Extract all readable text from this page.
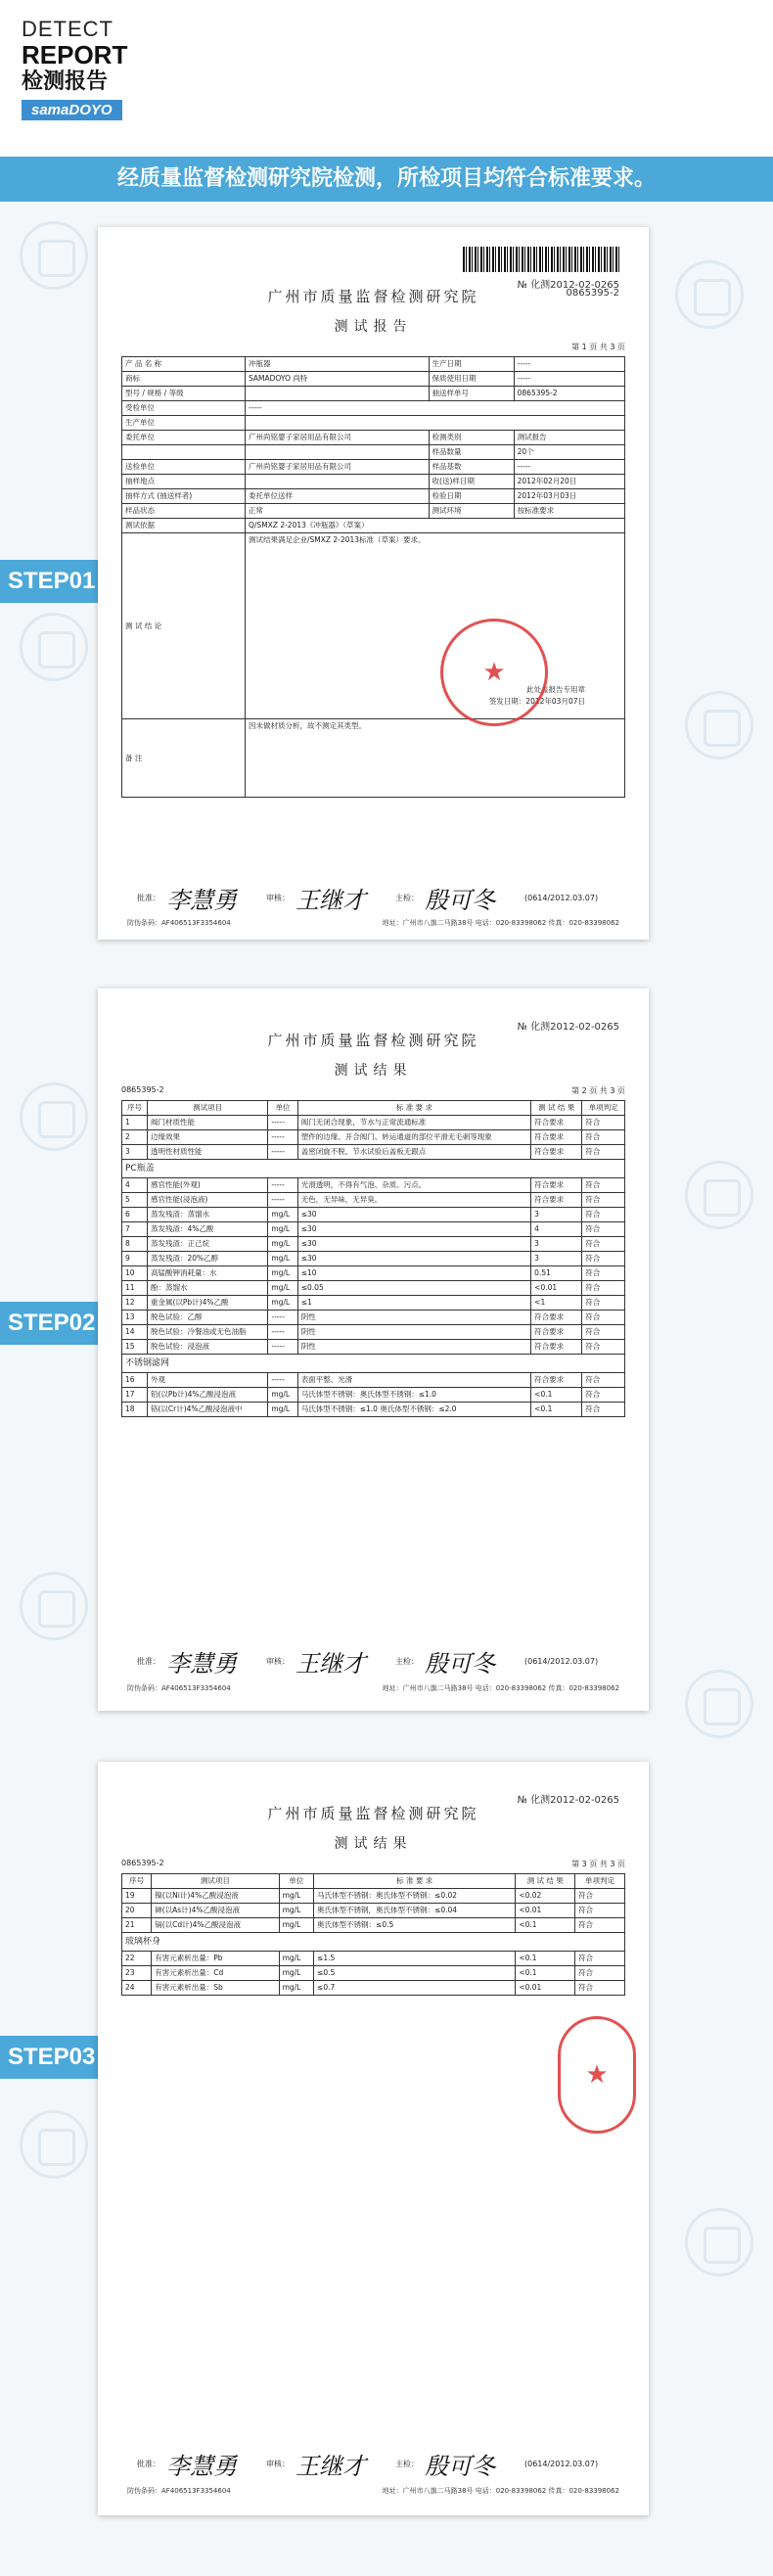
DETECT
REPORT
检测报告
samaDOYO
经质量监督检测研究院检测，所检项目均符合标准要求。
STEP01
STEP02
STEP03
№ 化测2012-02-0265
0865395-2
广州市质量监督检测研究院
测试报告
第 1 页 共 3 页
产 品 名 称	冲瓶器	生产日期	-----
商标	SAMADOYO 尚特	保质使用日期	-----
型号 / 规格 / 等级		抽送样单号	0865395-2
受检单位	-----		
生产单位			
委托单位	广州尚铭婴子家居用品有限公司	检测类别	测试报告
		样品数量	20个
送检单位	广州尚铭婴子家居用品有限公司	样品基数	-----
抽样地点		收(送)样日期	2012年02月20日
抽样方式 (抽送样者)	委托单位送样	检验日期	2012年03月03日
样品状态	正常	测试环境	按标准要求
测试依据	Q/SMXZ 2-2013《冲瓶器》（草案）		
测 试 结 论	测试结果满足企业/SMXZ 2-2013标准（草案）要求。
此处盖报告专用章
签发日期：2012年03月07日		

备 注	因未做材质分析，故不测定其类型。		
★
批准： 李慧勇	审核： 王继才	主检： 殷可冬	(0614/2012.03.07)
防伪条码：AF406513F3354604	地址：广州市八旗二马路38号 电话：020-83398062 传真：020-83398062
№ 化测2012-02-0265
广州市质量监督检测研究院
测试结果
0865395-2	第 2 页 共 3 页
序号	测试项目	单位	标 准 要 求	测 试 结 果	单项判定
1	阀门材质性能	-----	阀门无闭合现象，节水与正常流通标准	符合要求	符合
2	边缘效果	-----	塑件的边缘、开合阀门、转运通道的部位平滑无毛刺等现象	符合要求	符合
3	透明性材质性能	-----	盖密闭旋不脱、节水试验后盖板无跟点	符合要求	符合
PC瓶盖					
4	感官性能(外观)	-----	光滑透明，不得有气泡、杂质、污点。	符合要求	符合
5	感官性能(浸泡液)	-----	无色，无异味，无异臭。	符合要求	符合
6	蒸发残渣：蒸馏水	mg/L	≤30	3	符合
7	蒸发残渣：4%乙酸	mg/L	≤30	4	符合
8	蒸发残渣：正己烷	mg/L	≤30	3	符合
9	蒸发残渣：20%乙醇	mg/L	≤30	3	符合
10	高锰酸钾消耗量：水	mg/L	≤10	0.51	符合
11	酚：蒸馏水	mg/L	≤0.05	<0.01	符合
12	重金属(以Pb计)4%乙酸	mg/L	≤1	<1	符合
13	脱色试验：乙醇	-----	阴性	符合要求	符合
14	脱色试验：冷餐油或无色油脂	-----	阴性	符合要求	符合
15	脱色试验：浸泡液	-----	阴性	符合要求	符合
不锈钢滤网					
16	外观	-----	表面平整、光滑	符合要求	符合
17	铅(以Pb计)4%乙酸浸泡液	mg/L	马氏体型不锈钢：奥氏体型不锈钢：≤1.0	<0.1	符合
18	铬(以Cr计)4%乙酸浸泡液中	mg/L	马氏体型不锈钢：≤1.0 奥氏体型不锈钢：≤2.0	<0.1	符合
批准： 李慧勇	审核： 王继才	主检： 殷可冬	(0614/2012.03.07)
防伪条码：AF406513F3354604	地址：广州市八旗二马路38号 电话：020-83398062 传真：020-83398062
№ 化测2012-02-0265
广州市质量监督检测研究院
测试结果
0865395-2	第 3 页 共 3 页
序号	测试项目	单位	标 准 要 求	测 试 结 果	单项判定
19	镍(以Ni计)4%乙酸浸泡液	mg/L	马氏体型不锈钢：奥氏体型不锈钢：≤0.02	<0.02	符合
20	砷(以As计)4%乙酸浸泡液	mg/L	奥氏体型不锈钢，奥氏体型不锈钢：≤0.04	<0.01	符合
21	镉(以Cd计)4%乙酸浸泡液	mg/L	奥氏体型不锈钢：≤0.5	<0.1	符合
玻璃杯身					
22	有害元素析出量：Pb	mg/L	≤1.5	<0.1	符合
23	有害元素析出量：Cd	mg/L	≤0.5	<0.1	符合
24	有害元素析出量：Sb	mg/L	≤0.7	<0.01	符合
★
批准： 李慧勇	审核： 王继才	主检： 殷可冬	(0614/2012.03.07)
防伪条码：AF406513F3354604	地址：广州市八旗二马路38号 电话：020-83398062 传真：020-83398062
